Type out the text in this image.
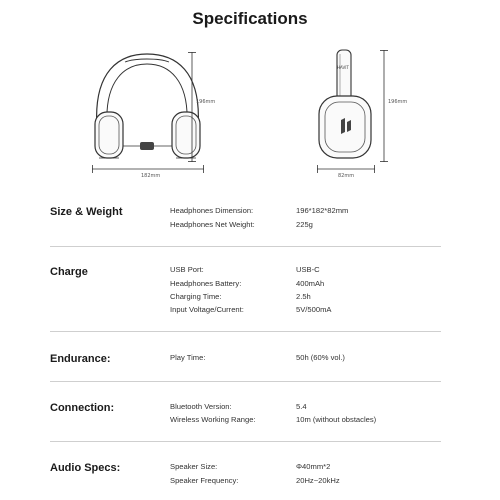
Specifications
196mm
182mm
HAVIT
196mm
82mm
Size & Weight	Headphones Dimension:	196*182*82mm
Headphones Net Weight:	225g
Charge	USB Port:	USB-C
Headphones Battery:	400mAh
Charging Time:	2.5h
Input Voltage/Current:	5V/500mA
Endurance:	Play Time:	50h (60% vol.)
Connection:	Bluetooth Version:	5.4
Wireless Working Range:	10m (without obstacles)
Audio Specs:	Speaker Size:	Φ40mm*2
Speaker Frequency:	20Hz~20kHz
